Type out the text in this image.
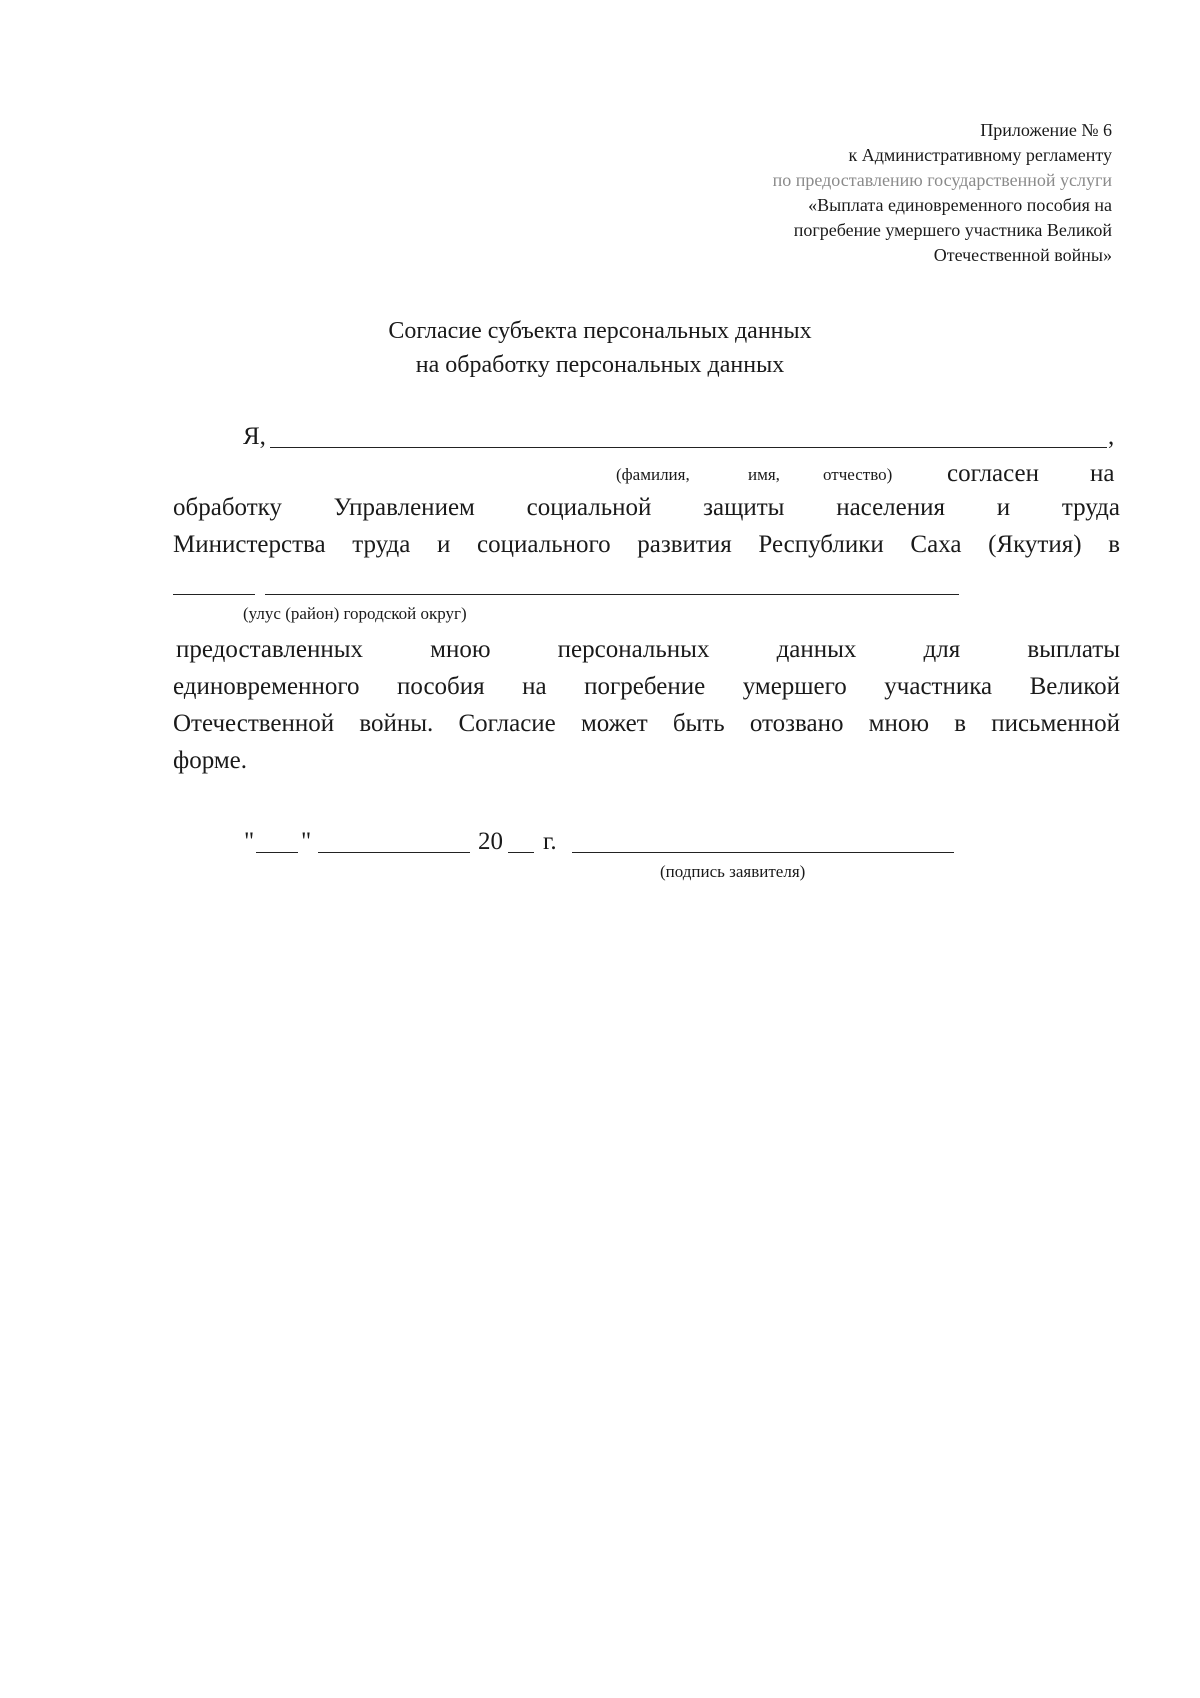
Приложение № 6
к Административному регламенту
по предоставлению государственной услуги
«Выплата единовременного пособия на
погребение умершего участника Великой
Отечественной войны»
Согласие субъекта персональных данных
на обработку персональных данных
Я,	,
(фамилия,	имя,	отчество) согласен на
обработку Управлением социальной защиты населения и труда
Министерства труда и социального развития Республики Саха (Якутия) в
(улус (район) городской округ)
предоставленных мною персональных данных для выплаты
единовременного пособия на погребение умершего участника Великой
Отечественной войны. Согласие может быть отозвано мною в письменной
форме.
" "	20 г.
(подпись заявителя)
